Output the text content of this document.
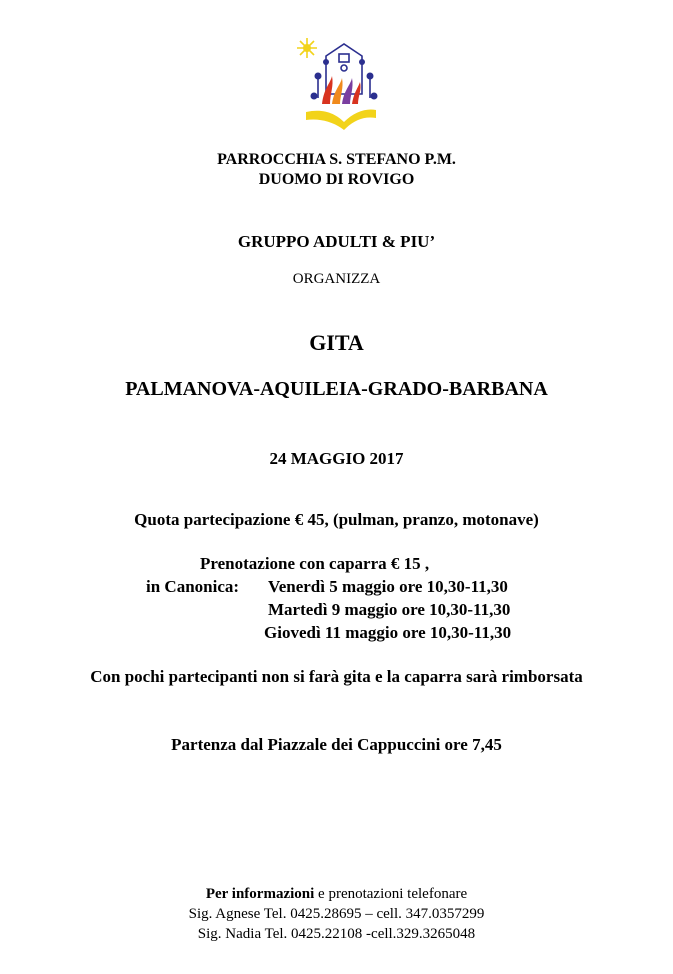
PARROCCHIA S. STEFANO P.M.
DUOMO DI ROVIGO
GRUPPO ADULTI & PIU’
ORGANIZZA
GITA
PALMANOVA-AQUILEIA-GRADO-BARBANA
24 MAGGIO 2017
Quota partecipazione € 45, (pulman, pranzo, motonave)
Prenotazione con caparra € 15 ,
in Canonica: Venerdì 5 maggio ore 10,30-11,30
Martedì 9 maggio ore 10,30-11,30
Giovedì 11 maggio ore 10,30-11,30
Con pochi partecipanti non si farà gita e la caparra sarà rimborsata
Partenza dal Piazzale dei Cappuccini ore 7,45
Per informazioni e prenotazioni telefonare
Sig. Agnese Tel. 0425.28695 – cell. 347.0357299
Sig. Nadia Tel. 0425.22108 -cell.329.3265048
